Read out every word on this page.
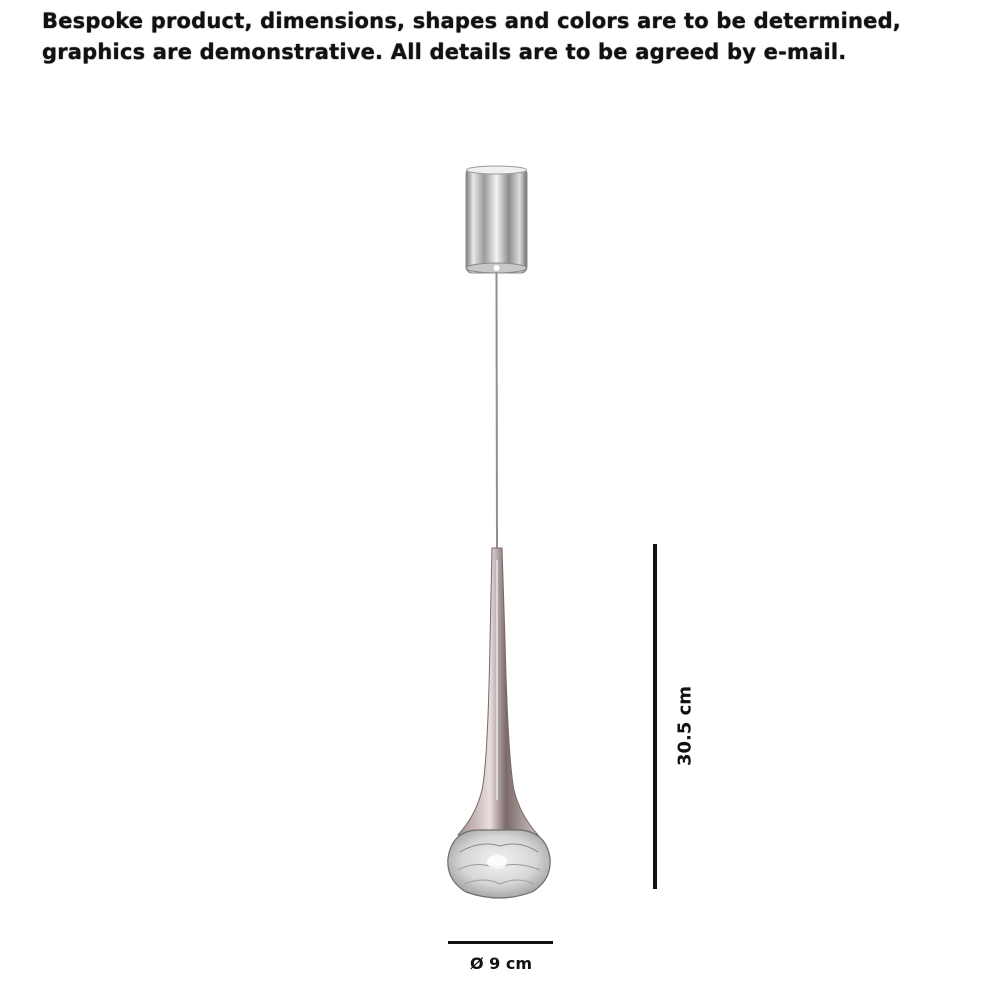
Bespoke product, dimensions, shapes and colors are to be determined, graphics are demonstrative. All details are to be agreed by e-mail.

30.5 cm
Ø 9 cm
